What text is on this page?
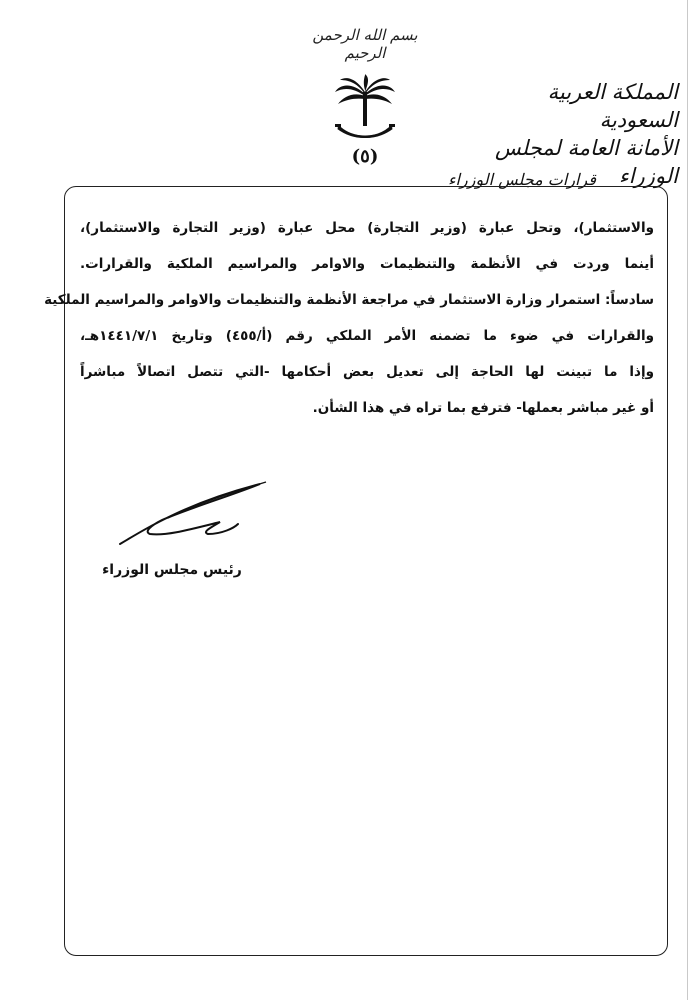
بسم الله الرحمن الرحيم
(٥)
المملكة العربية السعودية
الأمانة العامة لمجلس الوزراء
قرارات مجلس الوزراء
والاستثمار)، وتحل عبارة (وزير التجارة) محل عبارة (وزير التجارة والاستثمار)،
أينما وردت في الأنظمة والتنظيمات والاوامر والمراسيم الملكية والقرارات.
سادساً: استمرار وزارة الاستثمار في مراجعة الأنظمة والتنظيمات والاوامر والمراسيم الملكية
والقرارات في ضوء ما تضمنه الأمر الملكي رقم (أ/٤٥٥) وتاريخ ١٤٤١/٧/١هـ،
وإذا ما تبينت لها الحاجة إلى تعديل بعض أحكامها -التي تتصل اتصالاً مباشراً
أو غير مباشر بعملها- فترفع بما تراه في هذا الشأن.
رئيس مجلس الوزراء
